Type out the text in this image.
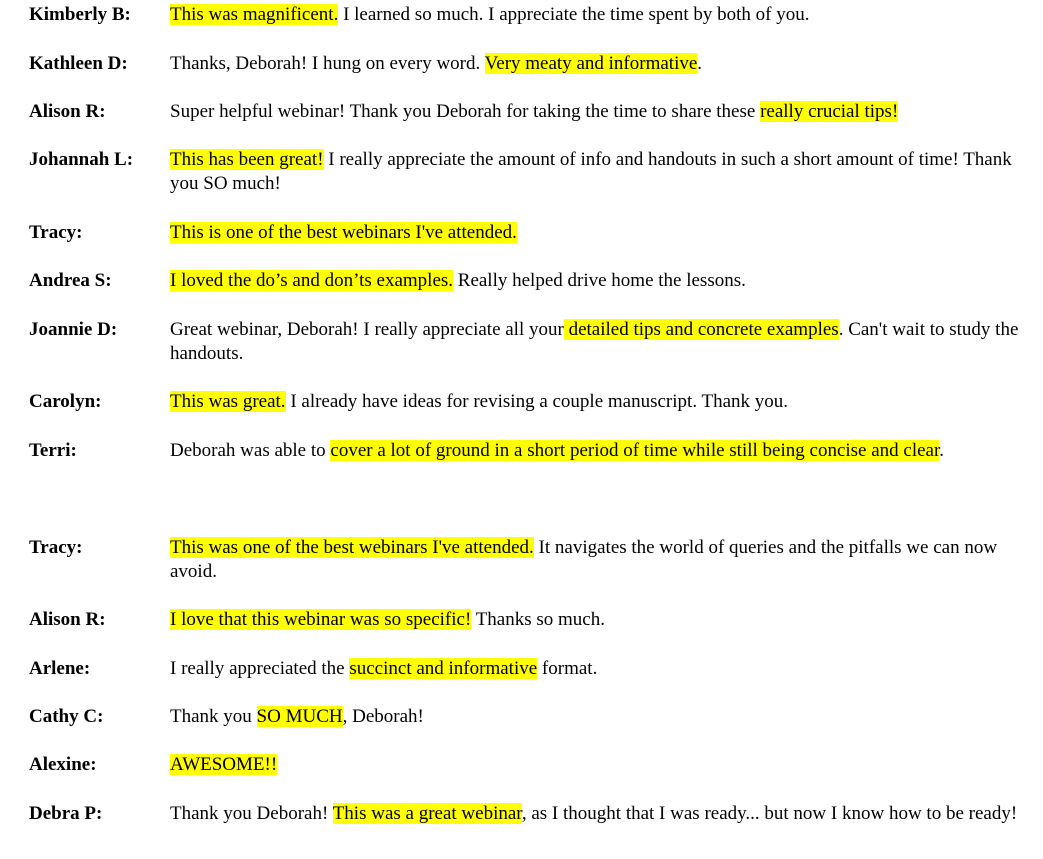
Kimberly B:	This was magnificent. I learned so much. I appreciate the time spent by both of you.
Kathleen D:	Thanks, Deborah! I hung on every word. Very meaty and informative.
Alison R:	Super helpful webinar! Thank you Deborah for taking the time to share these really crucial tips!
Johannah L:	This has been great! I really appreciate the amount of info and handouts in such a short amount of time! Thank you SO much!
Tracy:	This is one of the best webinars I've attended.
Andrea S:	I loved the do’s and don’ts examples. Really helped drive home the lessons.
Joannie D:	Great webinar, Deborah! I really appreciate all your detailed tips and concrete examples. Can't wait to study the handouts.
Carolyn:	This was great. I already have ideas for revising a couple manuscript. Thank you.
Terri:	Deborah was able to cover a lot of ground in a short period of time while still being concise and clear.
Tracy:	This was one of the best webinars I've attended. It navigates the world of queries and the pitfalls we can now avoid.
Alison R:	I love that this webinar was so specific! Thanks so much.
Arlene:	I really appreciated the succinct and informative format.
Cathy C:	Thank you SO MUCH, Deborah!
Alexine:	AWESOME!!
Debra P:	Thank you Deborah! This was a great webinar, as I thought that I was ready... but now I know how to be ready!
